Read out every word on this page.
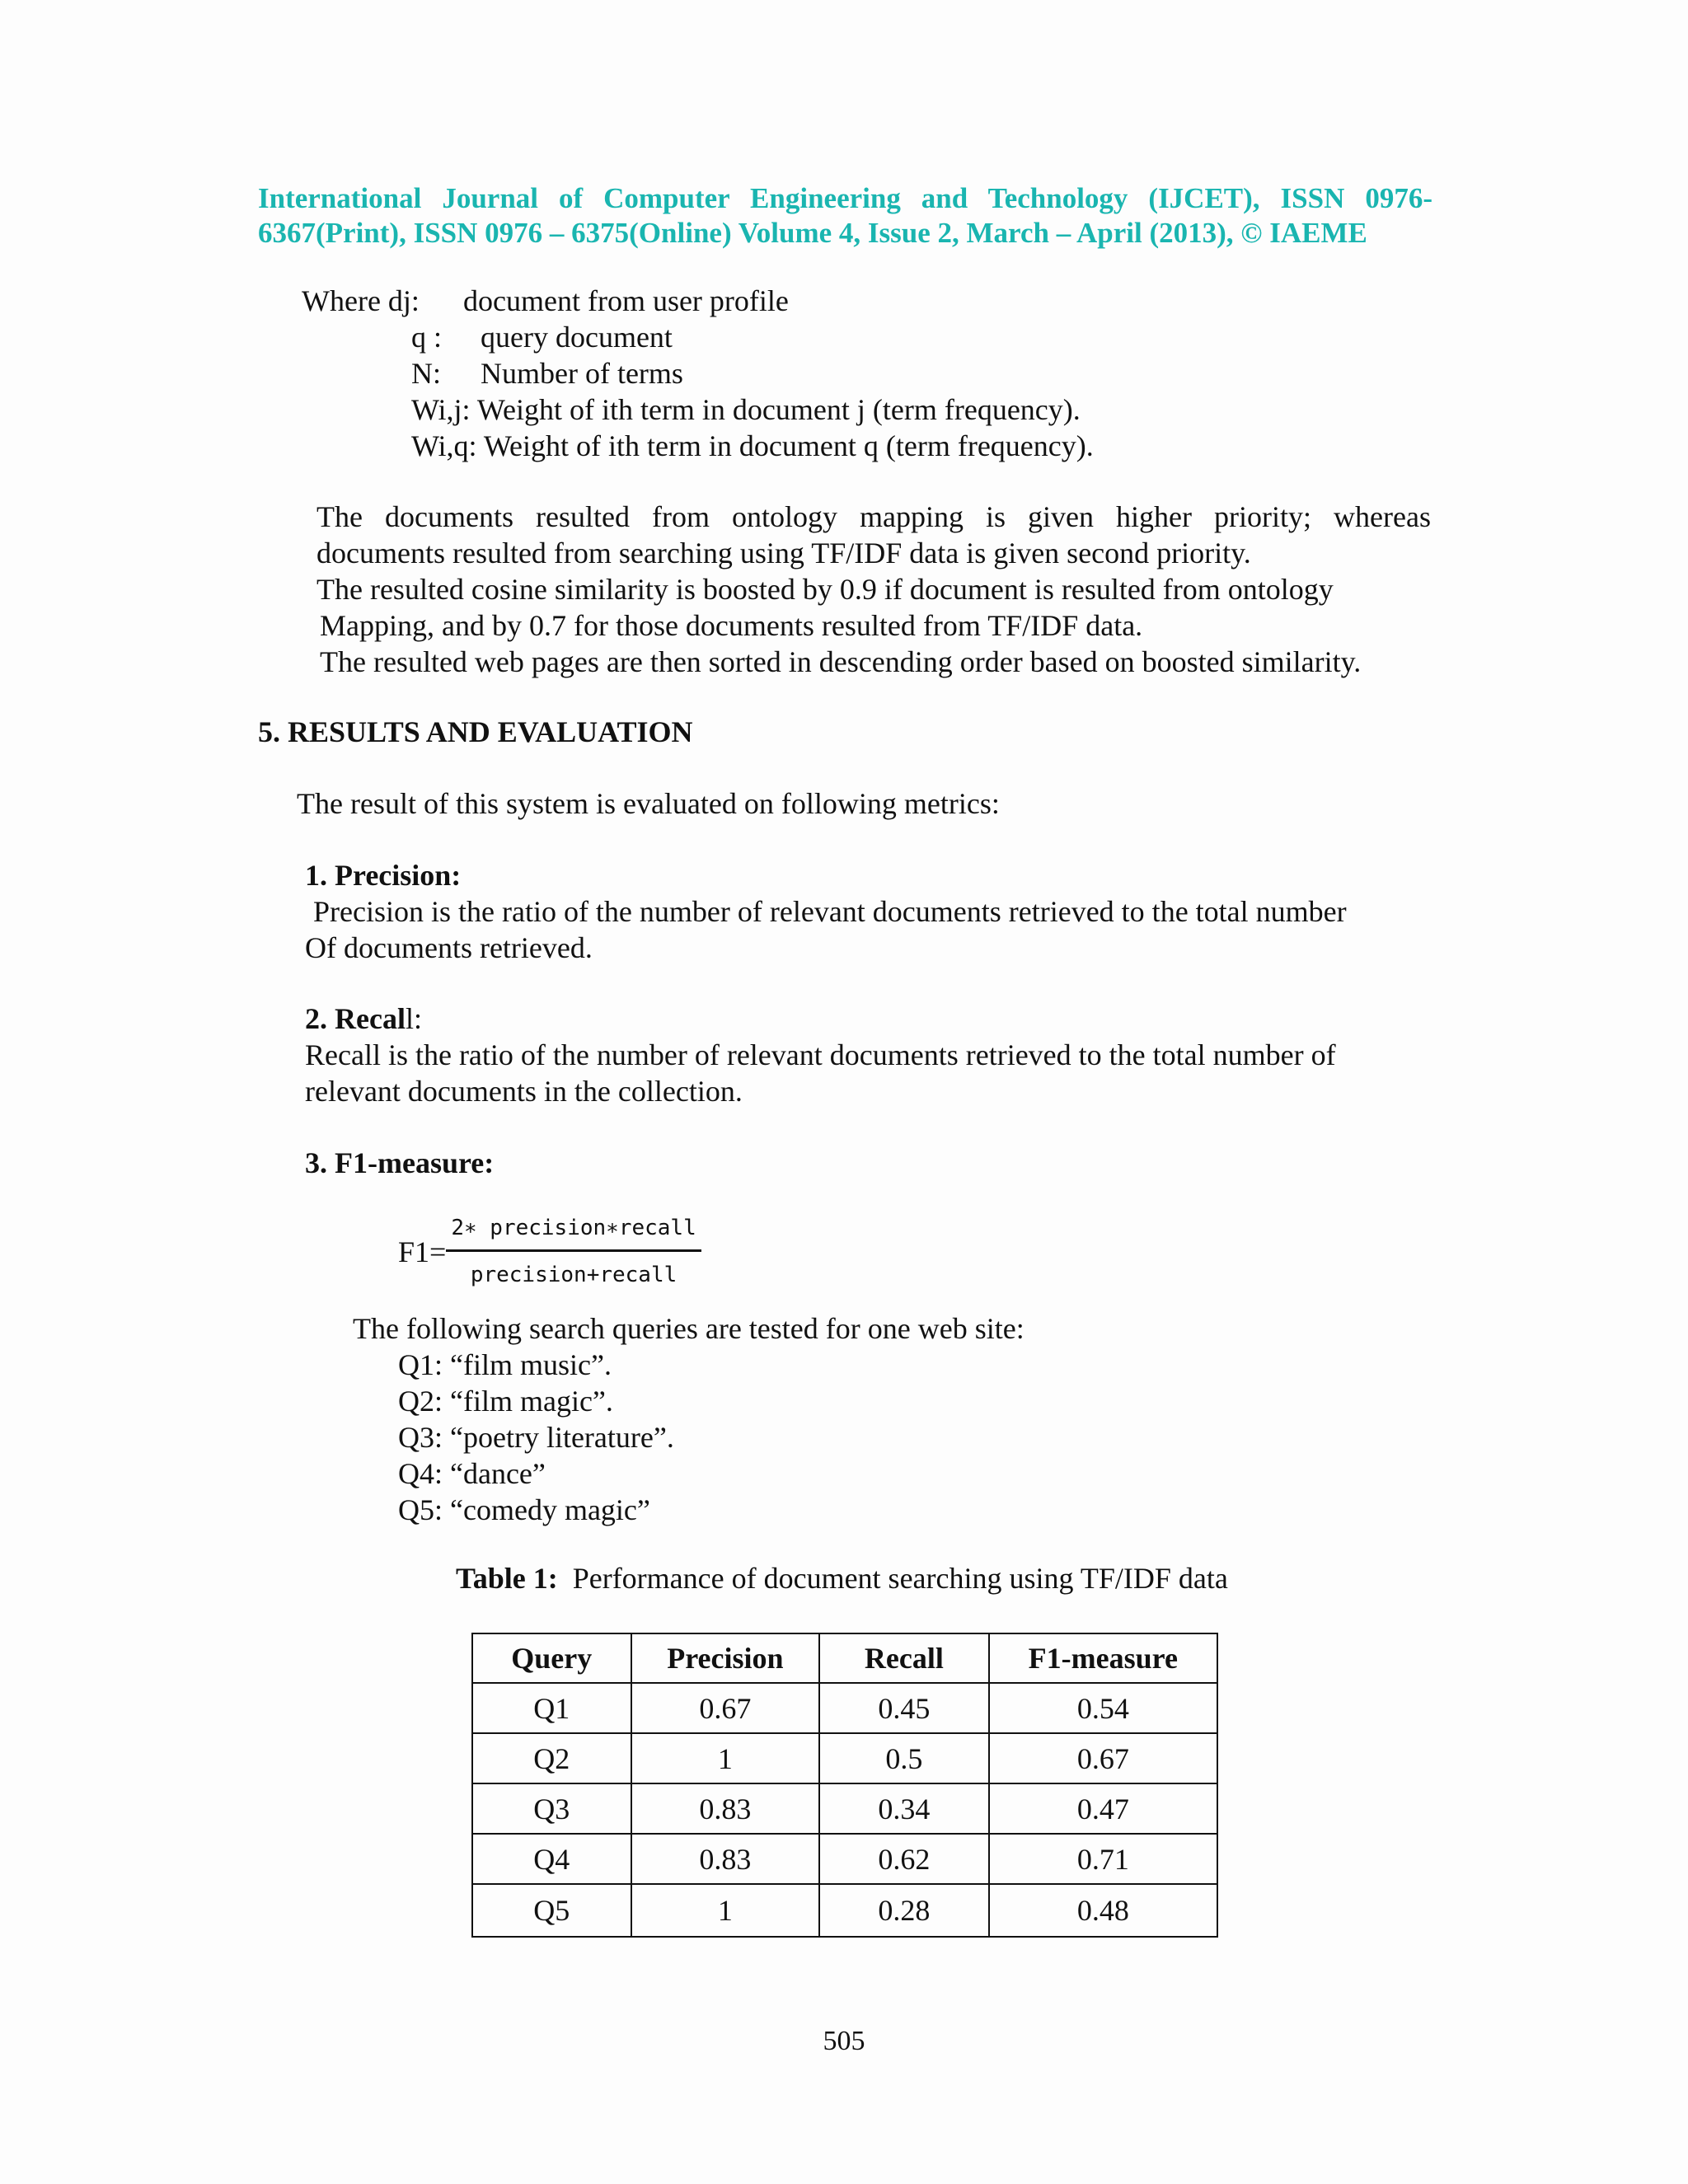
International Journal of Computer Engineering and Technology (IJCET), ISSN 0976-
6367(Print), ISSN 0976 – 6375(Online) Volume 4, Issue 2, March – April (2013), © IAEME
Where dj: document from user profile
q : query document
N: Number of terms
Wi,j: Weight of ith term in document j (term frequency).
Wi,q: Weight of ith term in document q (term frequency).
The documents resulted from ontology mapping is given higher priority; whereas
documents resulted from searching using TF/IDF data is given second priority.
The resulted cosine similarity is boosted by 0.9 if document is resulted from ontology
Mapping, and by 0.7 for those documents resulted from TF/IDF data.
The resulted web pages are then sorted in descending order based on boosted similarity.
5. RESULTS AND EVALUATION
The result of this system is evaluated on following metrics:
1. Precision:
Precision is the ratio of the number of relevant documents retrieved to the total number
Of documents retrieved.
2. Recall:
Recall is the ratio of the number of relevant documents retrieved to the total number of
relevant documents in the collection.
3. F1-measure:
$F1= \frac{\text{2∗ precision∗recall}}{\text{precision+recall}}$
The following search queries are tested for one web site:
Q1: “film music”.
Q2: “film magic”.
Q3: “poetry literature”.
Q4: “dance”
Q5: “comedy magic”
Table 1: Performance of document searching using TF/IDF data
Query	Precision	Recall	F1-measure
Q1	0.67	0.45	0.54
Q2	1	0.5	0.67
Q3	0.83	0.34	0.47
Q4	0.83	0.62	0.71
Q5	1	0.28	0.48
505
